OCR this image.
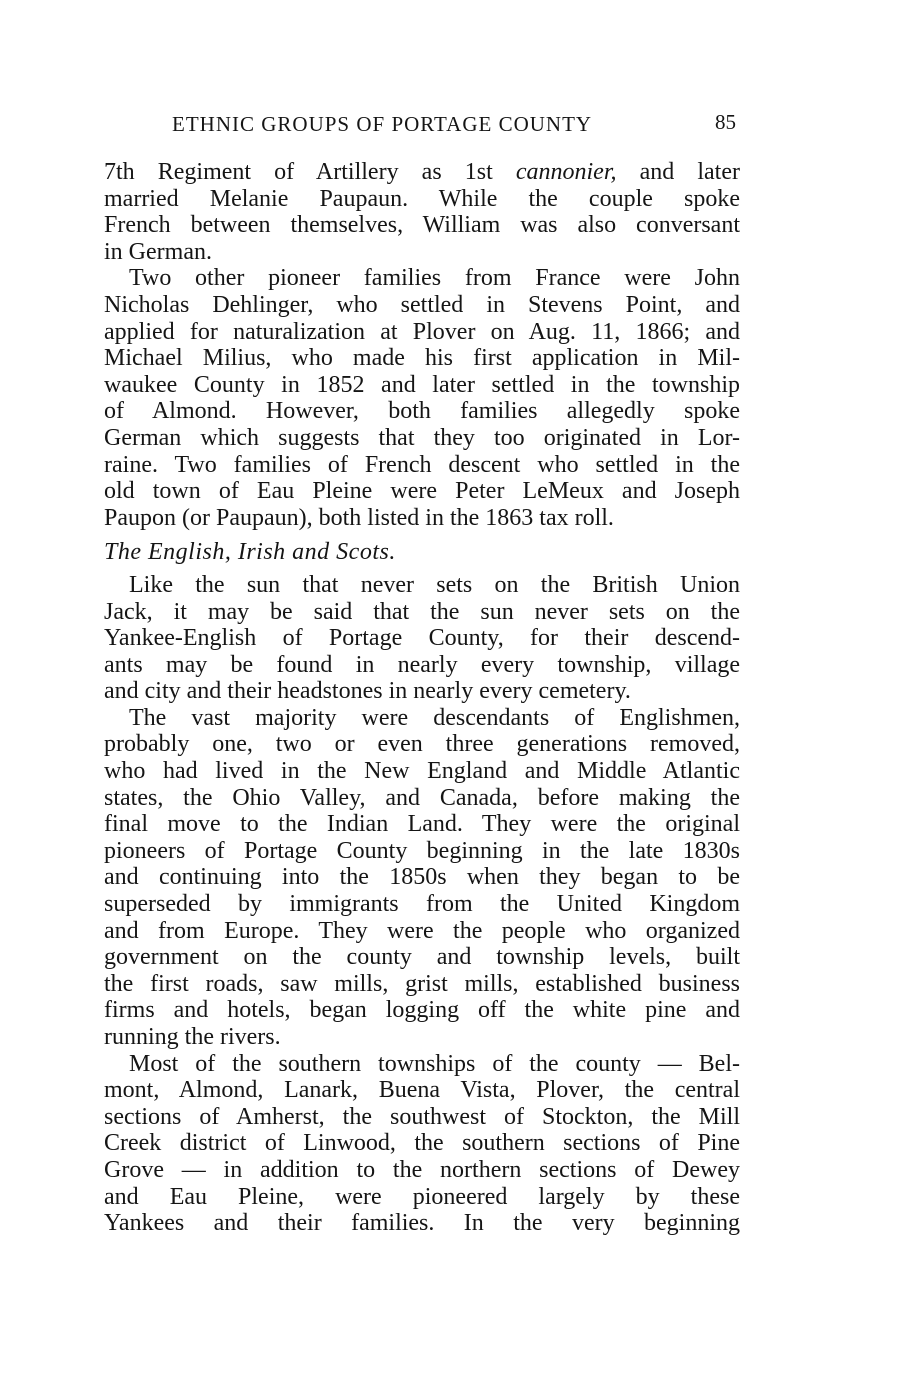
ETHNIC GROUPS OF PORTAGE COUNTY	85
7th Regiment of Artillery as 1st cannonier, and later
married Melanie Paupaun. While the couple spoke
French between themselves, William was also conversant
in German.
Two other pioneer families from France were John
Nicholas Dehlinger, who settled in Stevens Point, and
applied for naturalization at Plover on Aug. 11, 1866; and
Michael Milius, who made his first application in Mil-
waukee County in 1852 and later settled in the township
of Almond. However, both families allegedly spoke
German which suggests that they too originated in Lor-
raine. Two families of French descent who settled in the
old town of Eau Pleine were Peter LeMeux and Joseph
Paupon (or Paupaun), both listed in the 1863 tax roll.
The English, Irish and Scots.
Like the sun that never sets on the British Union
Jack, it may be said that the sun never sets on the
Yankee-English of Portage County, for their descend-
ants may be found in nearly every township, village
and city and their headstones in nearly every cemetery.
The vast majority were descendants of Englishmen,
probably one, two or even three generations removed,
who had lived in the New England and Middle Atlantic
states, the Ohio Valley, and Canada, before making the
final move to the Indian Land. They were the original
pioneers of Portage County beginning in the late 1830s
and continuing into the 1850s when they began to be
superseded by immigrants from the United Kingdom
and from Europe. They were the people who organized
government on the county and township levels, built
the first roads, saw mills, grist mills, established business
firms and hotels, began logging off the white pine and
running the rivers.
Most of the southern townships of the county — Bel-
mont, Almond, Lanark, Buena Vista, Plover, the central
sections of Amherst, the southwest of Stockton, the Mill
Creek district of Linwood, the southern sections of Pine
Grove — in addition to the northern sections of Dewey
and Eau Pleine, were pioneered largely by these
Yankees and their families. In the very beginning
